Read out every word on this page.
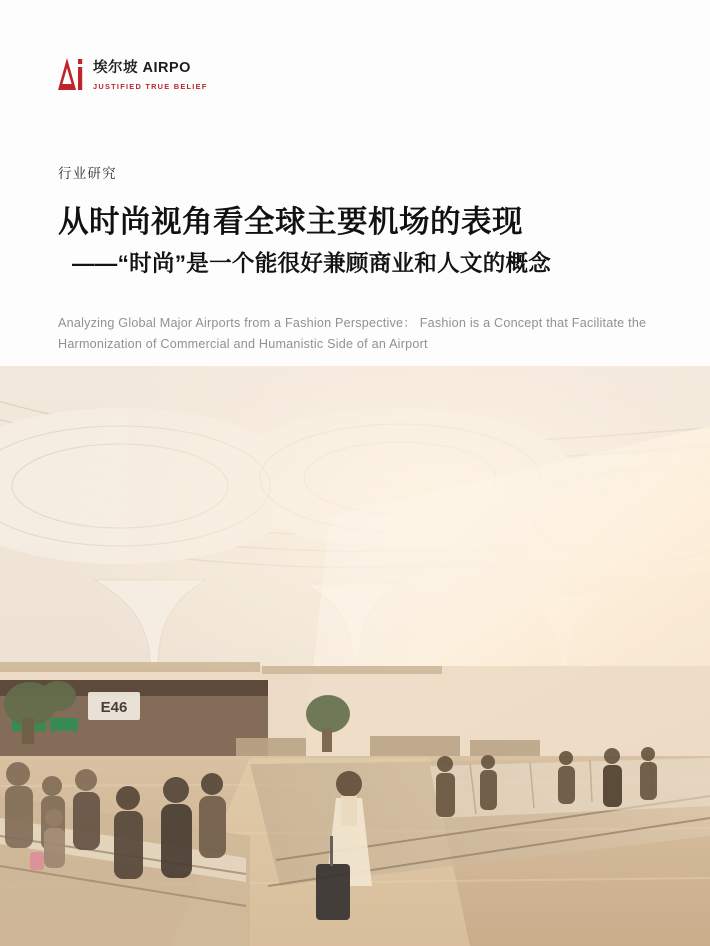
埃尔坡 AIRPO
JUSTIFIED TRUE BELIEF
行业研究
从时尚视角看全球主要机场的表现
——“时尚”是一个能很好兼顾商业和人文的概念

Analyzing Global Major Airports from a Fashion Perspective： Fashion is a Concept that Facilitate the Harmonization of Commercial and Humanistic Side of an Airport

E46
